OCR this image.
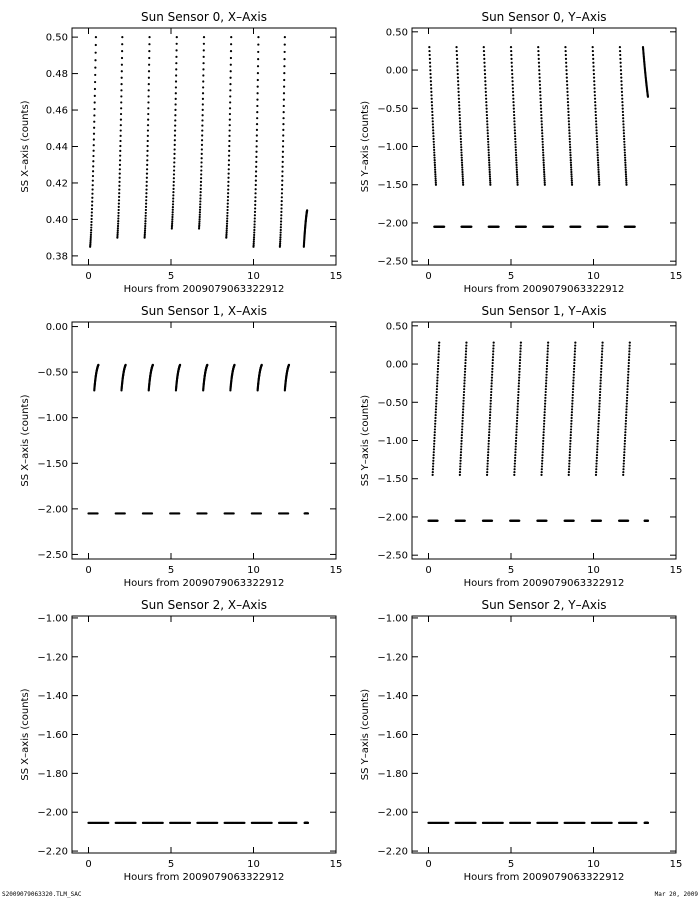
Sun Sensor 0, X–Axis
0	5	10	15
Hours from 2009079063322912
0.38
0.40
0.42
0.44
0.46
0.48
0.50
SS X–axis (counts)
Sun Sensor 0, Y–Axis
0	5	10	15
Hours from 2009079063322912
−2.50
−2.00
−1.50
−1.00
−0.50
0.00
0.50
SS Y–axis (counts)
Sun Sensor 1, X–Axis
0	5	10	15
Hours from 2009079063322912
−2.50
−2.00
−1.50
−1.00
−0.50
0.00
SS X–axis (counts)
Sun Sensor 1, Y–Axis
0	5	10	15
Hours from 2009079063322912
−2.50
−2.00
−1.50
−1.00
−0.50
0.00
0.50
SS Y–axis (counts)
Sun Sensor 2, X–Axis
0	5	10	15
Hours from 2009079063322912
−2.20
−2.00
−1.80
−1.60
−1.40
−1.20
−1.00
SS X–axis (counts)
Sun Sensor 2, Y–Axis
0	5	10	15
Hours from 2009079063322912
−2.20
−2.00
−1.80
−1.60
−1.40
−1.20
−1.00
SS Y–axis (counts)
S2009079063320.TLM_SAC	Mar 20, 2009
